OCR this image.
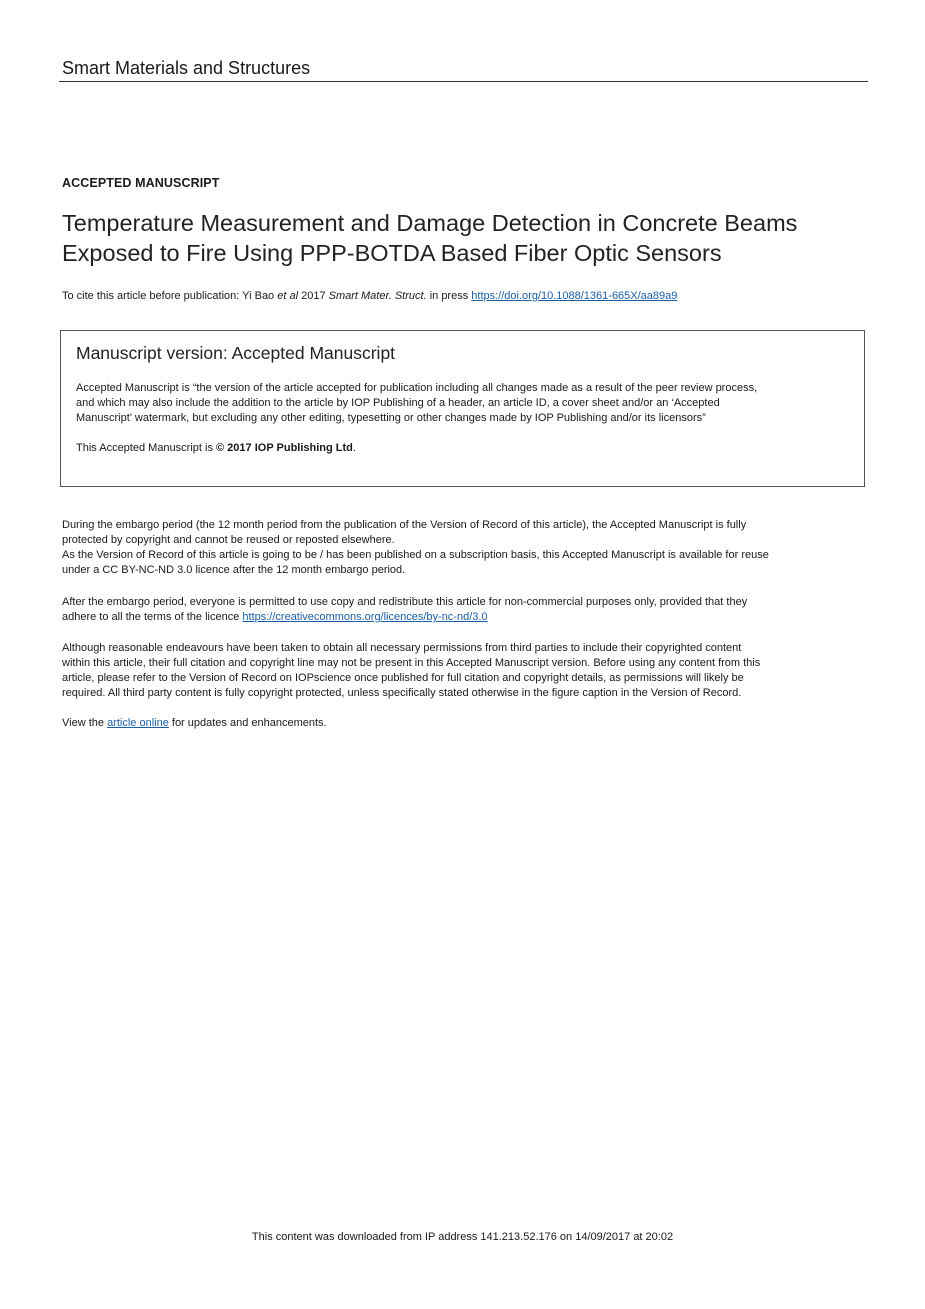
Smart Materials and Structures
ACCEPTED MANUSCRIPT
Temperature Measurement and Damage Detection in Concrete Beams Exposed to Fire Using PPP-BOTDA Based Fiber Optic Sensors
To cite this article before publication: Yi Bao et al 2017 Smart Mater. Struct. in press https://doi.org/10.1088/1361-665X/aa89a9
Manuscript version: Accepted Manuscript
Accepted Manuscript is “the version of the article accepted for publication including all changes made as a result of the peer review process,
and which may also include the addition to the article by IOP Publishing of a header, an article ID, a cover sheet and/or an ‘Accepted
Manuscript’ watermark, but excluding any other editing, typesetting or other changes made by IOP Publishing and/or its licensors”
This Accepted Manuscript is © 2017 IOP Publishing Ltd.
During the embargo period (the 12 month period from the publication of the Version of Record of this article), the Accepted Manuscript is fully
protected by copyright and cannot be reused or reposted elsewhere.
As the Version of Record of this article is going to be / has been published on a subscription basis, this Accepted Manuscript is available for reuse
under a CC BY-NC-ND 3.0 licence after the 12 month embargo period.
After the embargo period, everyone is permitted to use copy and redistribute this article for non-commercial purposes only, provided that they
adhere to all the terms of the licence https://creativecommons.org/licences/by-nc-nd/3.0
Although reasonable endeavours have been taken to obtain all necessary permissions from third parties to include their copyrighted content
within this article, their full citation and copyright line may not be present in this Accepted Manuscript version. Before using any content from this
article, please refer to the Version of Record on IOPscience once published for full citation and copyright details, as permissions will likely be
required. All third party content is fully copyright protected, unless specifically stated otherwise in the figure caption in the Version of Record.
View the article online for updates and enhancements.
This content was downloaded from IP address 141.213.52.176 on 14/09/2017 at 20:02
